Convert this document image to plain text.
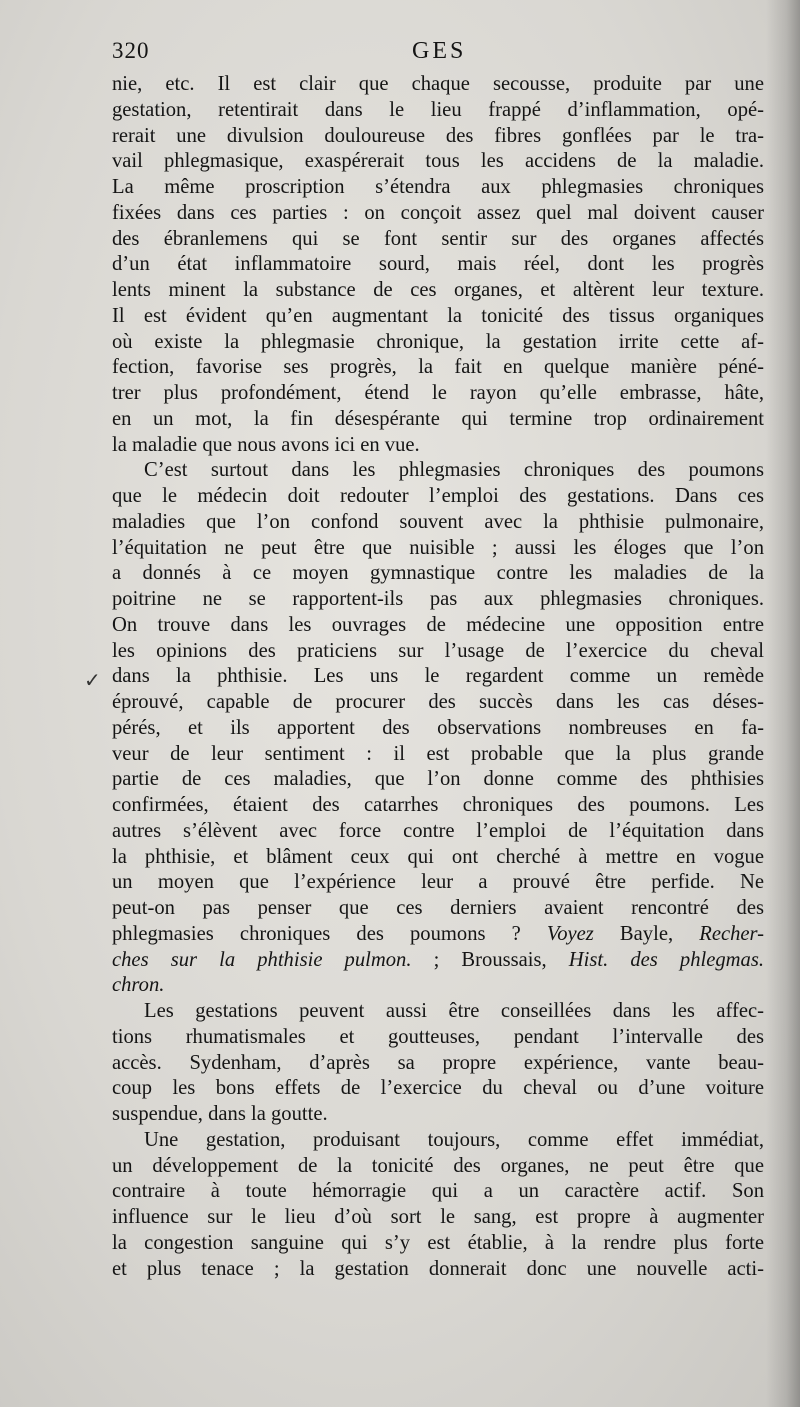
320	GES
✓
nie, etc. Il est clair que chaque secousse, produite par une
gestation, retentirait dans le lieu frappé d’inflammation, opé-
rerait une divulsion douloureuse des fibres gonflées par le tra-
vail phlegmasique, exaspérerait tous les accidens de la maladie.
La même proscription s’étendra aux phlegmasies chroniques
fixées dans ces parties : on conçoit assez quel mal doivent causer
des ébranlemens qui se font sentir sur des organes affectés
d’un état inflammatoire sourd, mais réel, dont les progrès
lents minent la substance de ces organes, et altèrent leur texture.
Il est évident qu’en augmentant la tonicité des tissus organiques
où existe la phlegmasie chronique, la gestation irrite cette af-
fection, favorise ses progrès, la fait en quelque manière péné-
trer plus profondément, étend le rayon qu’elle embrasse, hâte,
en un mot, la fin désespérante qui termine trop ordinairement
la maladie que nous avons ici en vue.
C’est surtout dans les phlegmasies chroniques des poumons
que le médecin doit redouter l’emploi des gestations. Dans ces
maladies que l’on confond souvent avec la phthisie pulmonaire,
l’équitation ne peut être que nuisible ; aussi les éloges que l’on
a donnés à ce moyen gymnastique contre les maladies de la
poitrine ne se rapportent-ils pas aux phlegmasies chroniques.
On trouve dans les ouvrages de médecine une opposition entre
les opinions des praticiens sur l’usage de l’exercice du cheval
dans la phthisie. Les uns le regardent comme un remède
éprouvé, capable de procurer des succès dans les cas déses-
pérés, et ils apportent des observations nombreuses en fa-
veur de leur sentiment : il est probable que la plus grande
partie de ces maladies, que l’on donne comme des phthisies
confirmées, étaient des catarrhes chroniques des poumons. Les
autres s’élèvent avec force contre l’emploi de l’équitation dans
la phthisie, et blâment ceux qui ont cherché à mettre en vogue
un moyen que l’expérience leur a prouvé être perfide. Ne
peut-on pas penser que ces derniers avaient rencontré des
phlegmasies chroniques des poumons ? Voyez Bayle, Recher-
ches sur la phthisie pulmon. ; Broussais, Hist. des phlegmas.
chron.
Les gestations peuvent aussi être conseillées dans les affec-
tions rhumatismales et goutteuses, pendant l’intervalle des
accès. Sydenham, d’après sa propre expérience, vante beau-
coup les bons effets de l’exercice du cheval ou d’une voiture
suspendue, dans la goutte.
Une gestation, produisant toujours, comme effet immédiat,
un développement de la tonicité des organes, ne peut être que
contraire à toute hémorragie qui a un caractère actif. Son
influence sur le lieu d’où sort le sang, est propre à augmenter
la congestion sanguine qui s’y est établie, à la rendre plus forte
et plus tenace ; la gestation donnerait donc une nouvelle acti-
